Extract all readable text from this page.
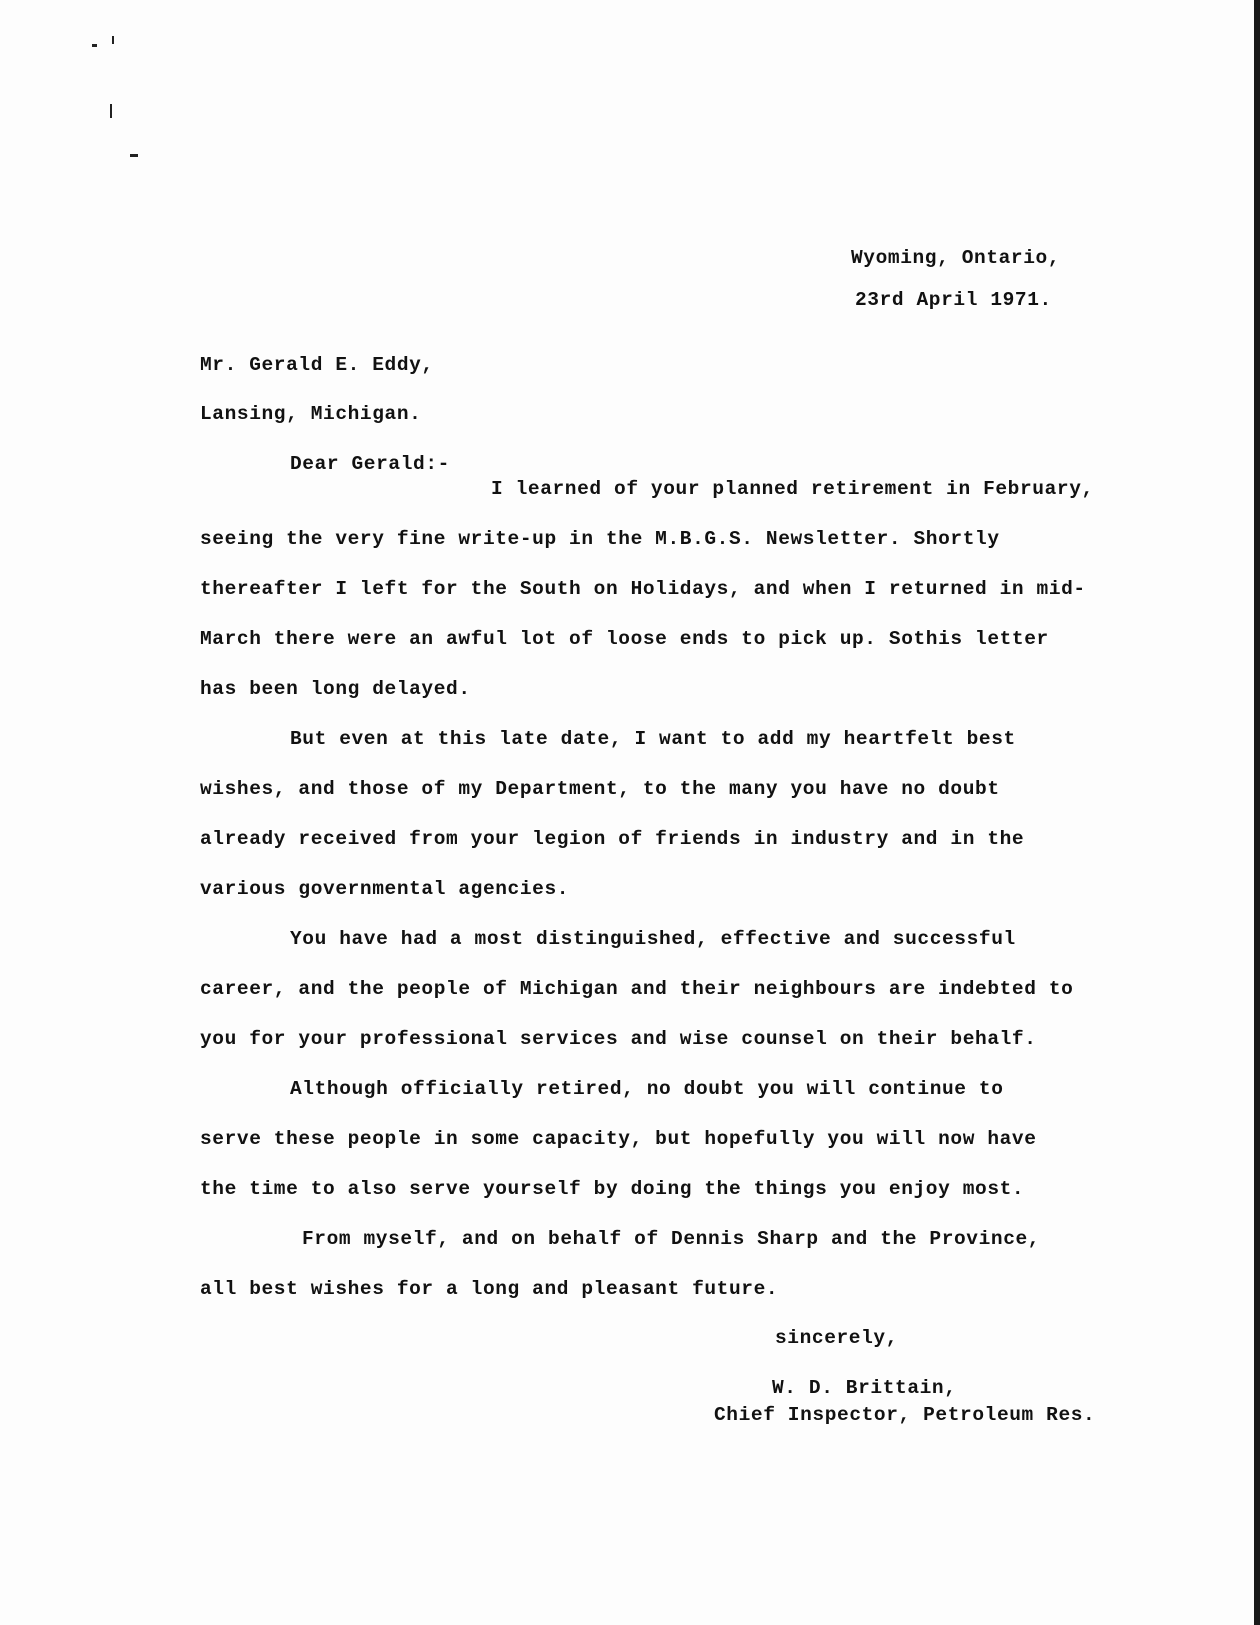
Wyoming, Ontario,
23rd April 1971.
Mr. Gerald E. Eddy,
Lansing, Michigan.
Dear Gerald:-
I learned of your planned retirement in February,
seeing the very fine write-up in the M.B.G.S. Newsletter. Shortly
thereafter I left for the South on Holidays, and when I returned in mid-
March there were an awful lot of loose ends to pick up. Sothis letter
has been long delayed.
But even at this late date, I want to add my heartfelt best
wishes, and those of my Department, to the many you have no doubt
already received from your legion of friends in industry and in the
various governmental agencies.
You have had a most distinguished, effective and successful
career, and the people of Michigan and their neighbours are indebted to
you for your professional services and wise counsel on their behalf.
Although officially retired, no doubt you will continue to
serve these people in some capacity, but hopefully you will now have
the time to also serve yourself by doing the things you enjoy most.
From myself, and on behalf of Dennis Sharp and the Province,
all best wishes for a long and pleasant future.
sincerely,
W. D. Brittain,
Chief Inspector, Petroleum Res.
